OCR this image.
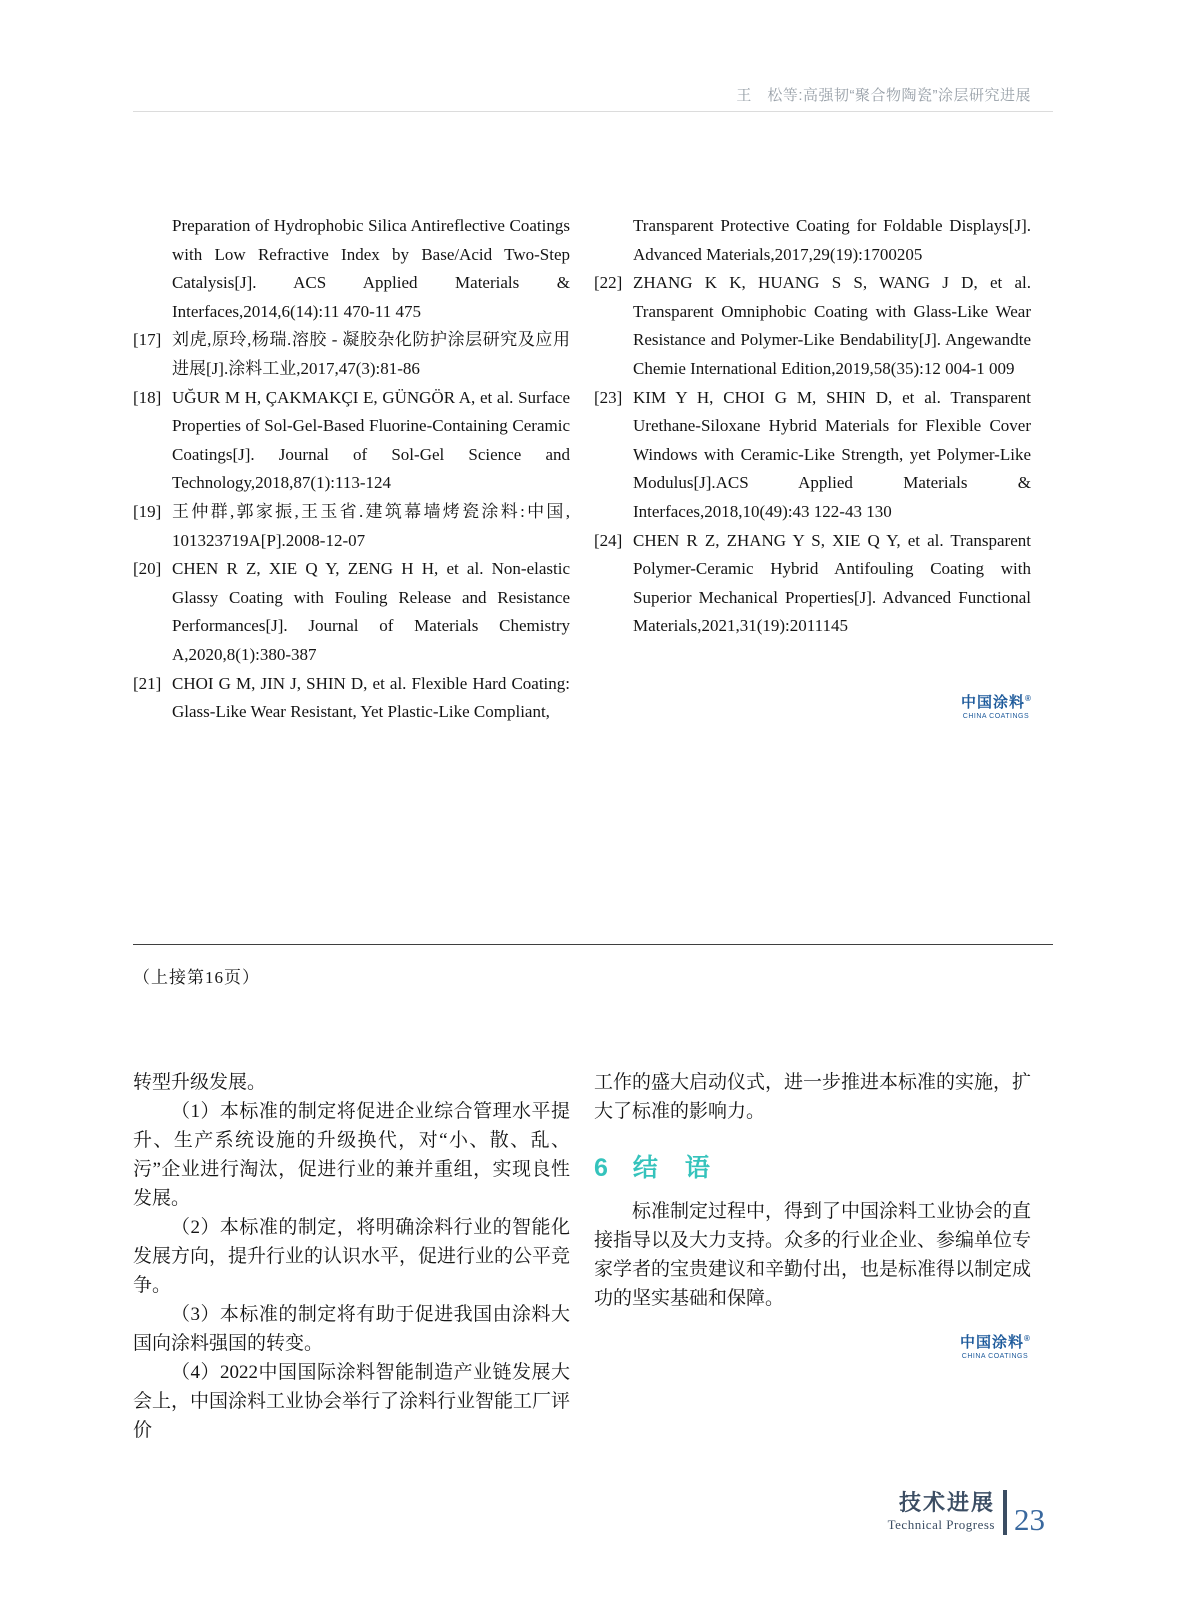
王　松等:高强韧“聚合物陶瓷”涂层研究进展
Preparation of Hydrophobic Silica Antireflective Coatings with Low Refractive Index by Base/Acid Two-Step Catalysis[J]. ACS Applied Materials & Interfaces,2014,6(14):11 470-11 475
[17] 刘虎,原玲,杨瑞.溶胶 - 凝胶杂化防护涂层研究及应用进展[J].涂料工业,2017,47(3):81-86
[18] UĞUR M H, ÇAKMAKÇI E, GÜNGÖR A, et al. Surface Properties of Sol-Gel-Based Fluorine-Containing Ceramic Coatings[J]. Journal of Sol-Gel Science and Technology,2018,87(1):113-124
[19] 王仲群,郭家振,王玉省.建筑幕墙烤瓷涂料:中国, 101323719A[P].2008-12-07
[20] CHEN R Z, XIE Q Y, ZENG H H, et al. Non-elastic Glassy Coating with Fouling Release and Resistance Performances[J]. Journal of Materials Chemistry A,2020,8(1):380-387
[21] CHOI G M, JIN J, SHIN D, et al. Flexible Hard Coating: Glass-Like Wear Resistant, Yet Plastic-Like Compliant,
Transparent Protective Coating for Foldable Displays[J]. Advanced Materials,2017,29(19):1700205
[22] ZHANG K K, HUANG S S, WANG J D, et al. Transparent Omniphobic Coating with Glass-Like Wear Resistance and Polymer-Like Bendability[J]. Angewandte Chemie International Edition,2019,58(35):12 004-1 009
[23] KIM Y H, CHOI G M, SHIN D, et al. Transparent Urethane-Siloxane Hybrid Materials for Flexible Cover Windows with Ceramic-Like Strength, yet Polymer-Like Modulus[J].ACS Applied Materials & Interfaces,2018,10(49):43 122-43 130
[24] CHEN R Z, ZHANG Y S, XIE Q Y, et al. Transparent Polymer-Ceramic Hybrid Antifouling Coating with Superior Mechanical Properties[J]. Advanced Functional Materials,2021,31(19):2011145
中国涂料®
CHINA COATINGS
（上接第16页）

转型升级发展。

（1）本标准的制定将促进企业综合管理水平提升、生产系统设施的升级换代，对“小、散、乱、污”企业进行淘汰，促进行业的兼并重组，实现良性发展。

（2）本标准的制定，将明确涂料行业的智能化发展方向，提升行业的认识水平，促进行业的公平竞争。

（3）本标准的制定将有助于促进我国由涂料大国向涂料强国的转变。

（4）2022中国国际涂料智能制造产业链发展大会上，中国涂料工业协会举行了涂料行业智能工厂评价

工作的盛大启动仪式，进一步推进本标准的实施，扩大了标准的影响力。

6 结　语

标准制定过程中，得到了中国涂料工业协会的直接指导以及大力支持。众多的行业企业、参编单位专家学者的宝贵建议和辛勤付出，也是标准得以制定成功的坚实基础和保障。

中国涂料®
CHINA COATINGS
技术进展
Technical Progress 23
